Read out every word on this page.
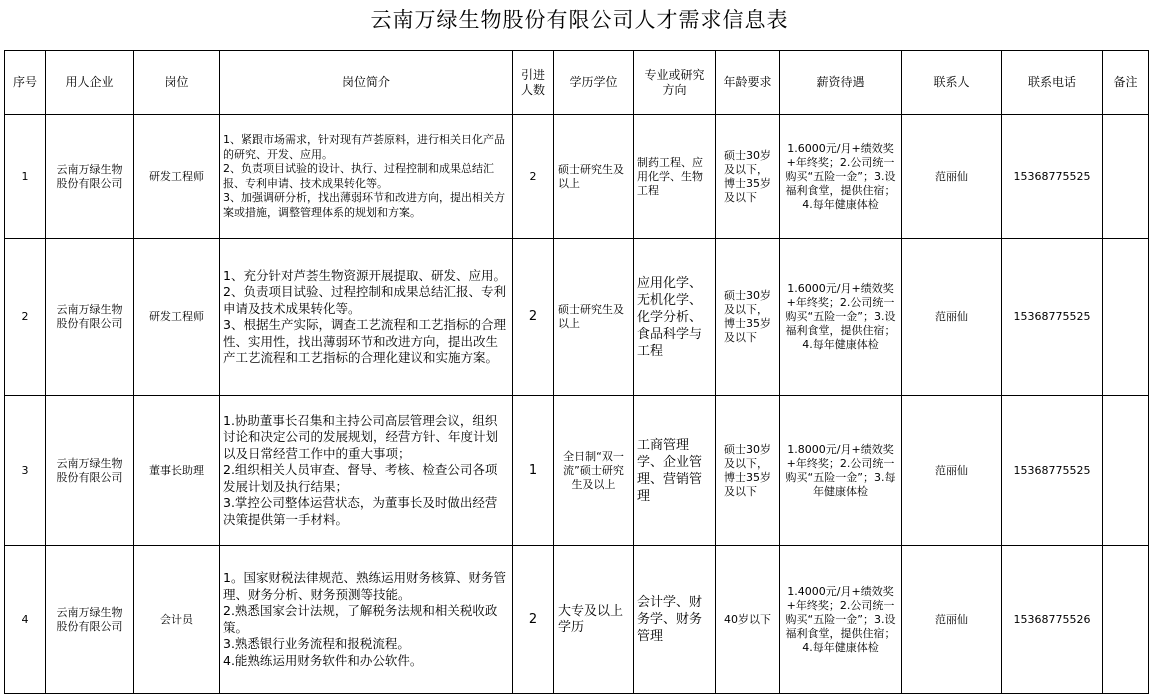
云南万绿生物股份有限公司人才需求信息表
序号	用人企业	岗位	岗位简介	引进人数	学历学位	专业或研究方向	年龄要求	薪资待遇	联系人	联系电话	备注
1	云南万绿生物股份有限公司	研发工程师	1、紧跟市场需求，针对现有芦荟原料，进行相关日化产品的研究、开发、应用。
2、负责项目试验的设计、执行、过程控制和成果总结汇报、专利申请、技术成果转化等。
3、加强调研分析，找出薄弱环节和改进方向，提出相关方案或措施，调整管理体系的规划和方案。	2	硕士研究生及以上	制药工程、应用化学、生物工程	硕士30岁及以下，博士35岁及以下	1.6000元/月+绩效奖+年终奖；2.公司统一购买“五险一金”；3.设福利食堂，提供住宿；4.每年健康体检	范丽仙	15368775525	
2	云南万绿生物股份有限公司	研发工程师	1、充分针对芦荟生物资源开展提取、研发、应用。
2、负责项目试验、过程控制和成果总结汇报、专利申请及技术成果转化等。
3、根据生产实际，调查工艺流程和工艺指标的合理性、实用性，找出薄弱环节和改进方向，提出改生产工艺流程和工艺指标的合理化建议和实施方案。	2	硕士研究生及以上	应用化学、无机化学、化学分析、食品科学与工程	硕士30岁及以下，博士35岁及以下	1.6000元/月+绩效奖+年终奖；2.公司统一购买“五险一金”；3.设福利食堂，提供住宿；4.每年健康体检	范丽仙	15368775525	
3	云南万绿生物股份有限公司	董事长助理	1.协助董事长召集和主持公司高层管理会议，组织讨论和决定公司的发展规划，经营方针、年度计划以及日常经营工作中的重大事项；
2.组织相关人员审查、督导、考核、检查公司各项发展计划及执行结果；
3.掌控公司整体运营状态，为董事长及时做出经营决策提供第一手材料。	1	全日制“双一流”硕士研究生及以上	工商管理学、企业管理、营销管理	硕士30岁及以下，博士35岁及以下	1.8000元/月+绩效奖+年终奖；2.公司统一购买“五险一金”；3.每年健康体检	范丽仙	15368775525	
4	云南万绿生物股份有限公司	会计员	1。国家财税法律规范、熟练运用财务核算、财务管理、财务分析、财务预测等技能。
2.熟悉国家会计法规，了解税务法规和相关税收政策。
3.熟悉银行业务流程和报税流程。
4.能熟练运用财务软件和办公软件。	2	大专及以上学历	会计学、财务学、财务管理	40岁以下	1.4000元/月+绩效奖+年终奖；2.公司统一购买“五险一金”；3.设福利食堂，提供住宿；4.每年健康体检	范丽仙	15368775526	
